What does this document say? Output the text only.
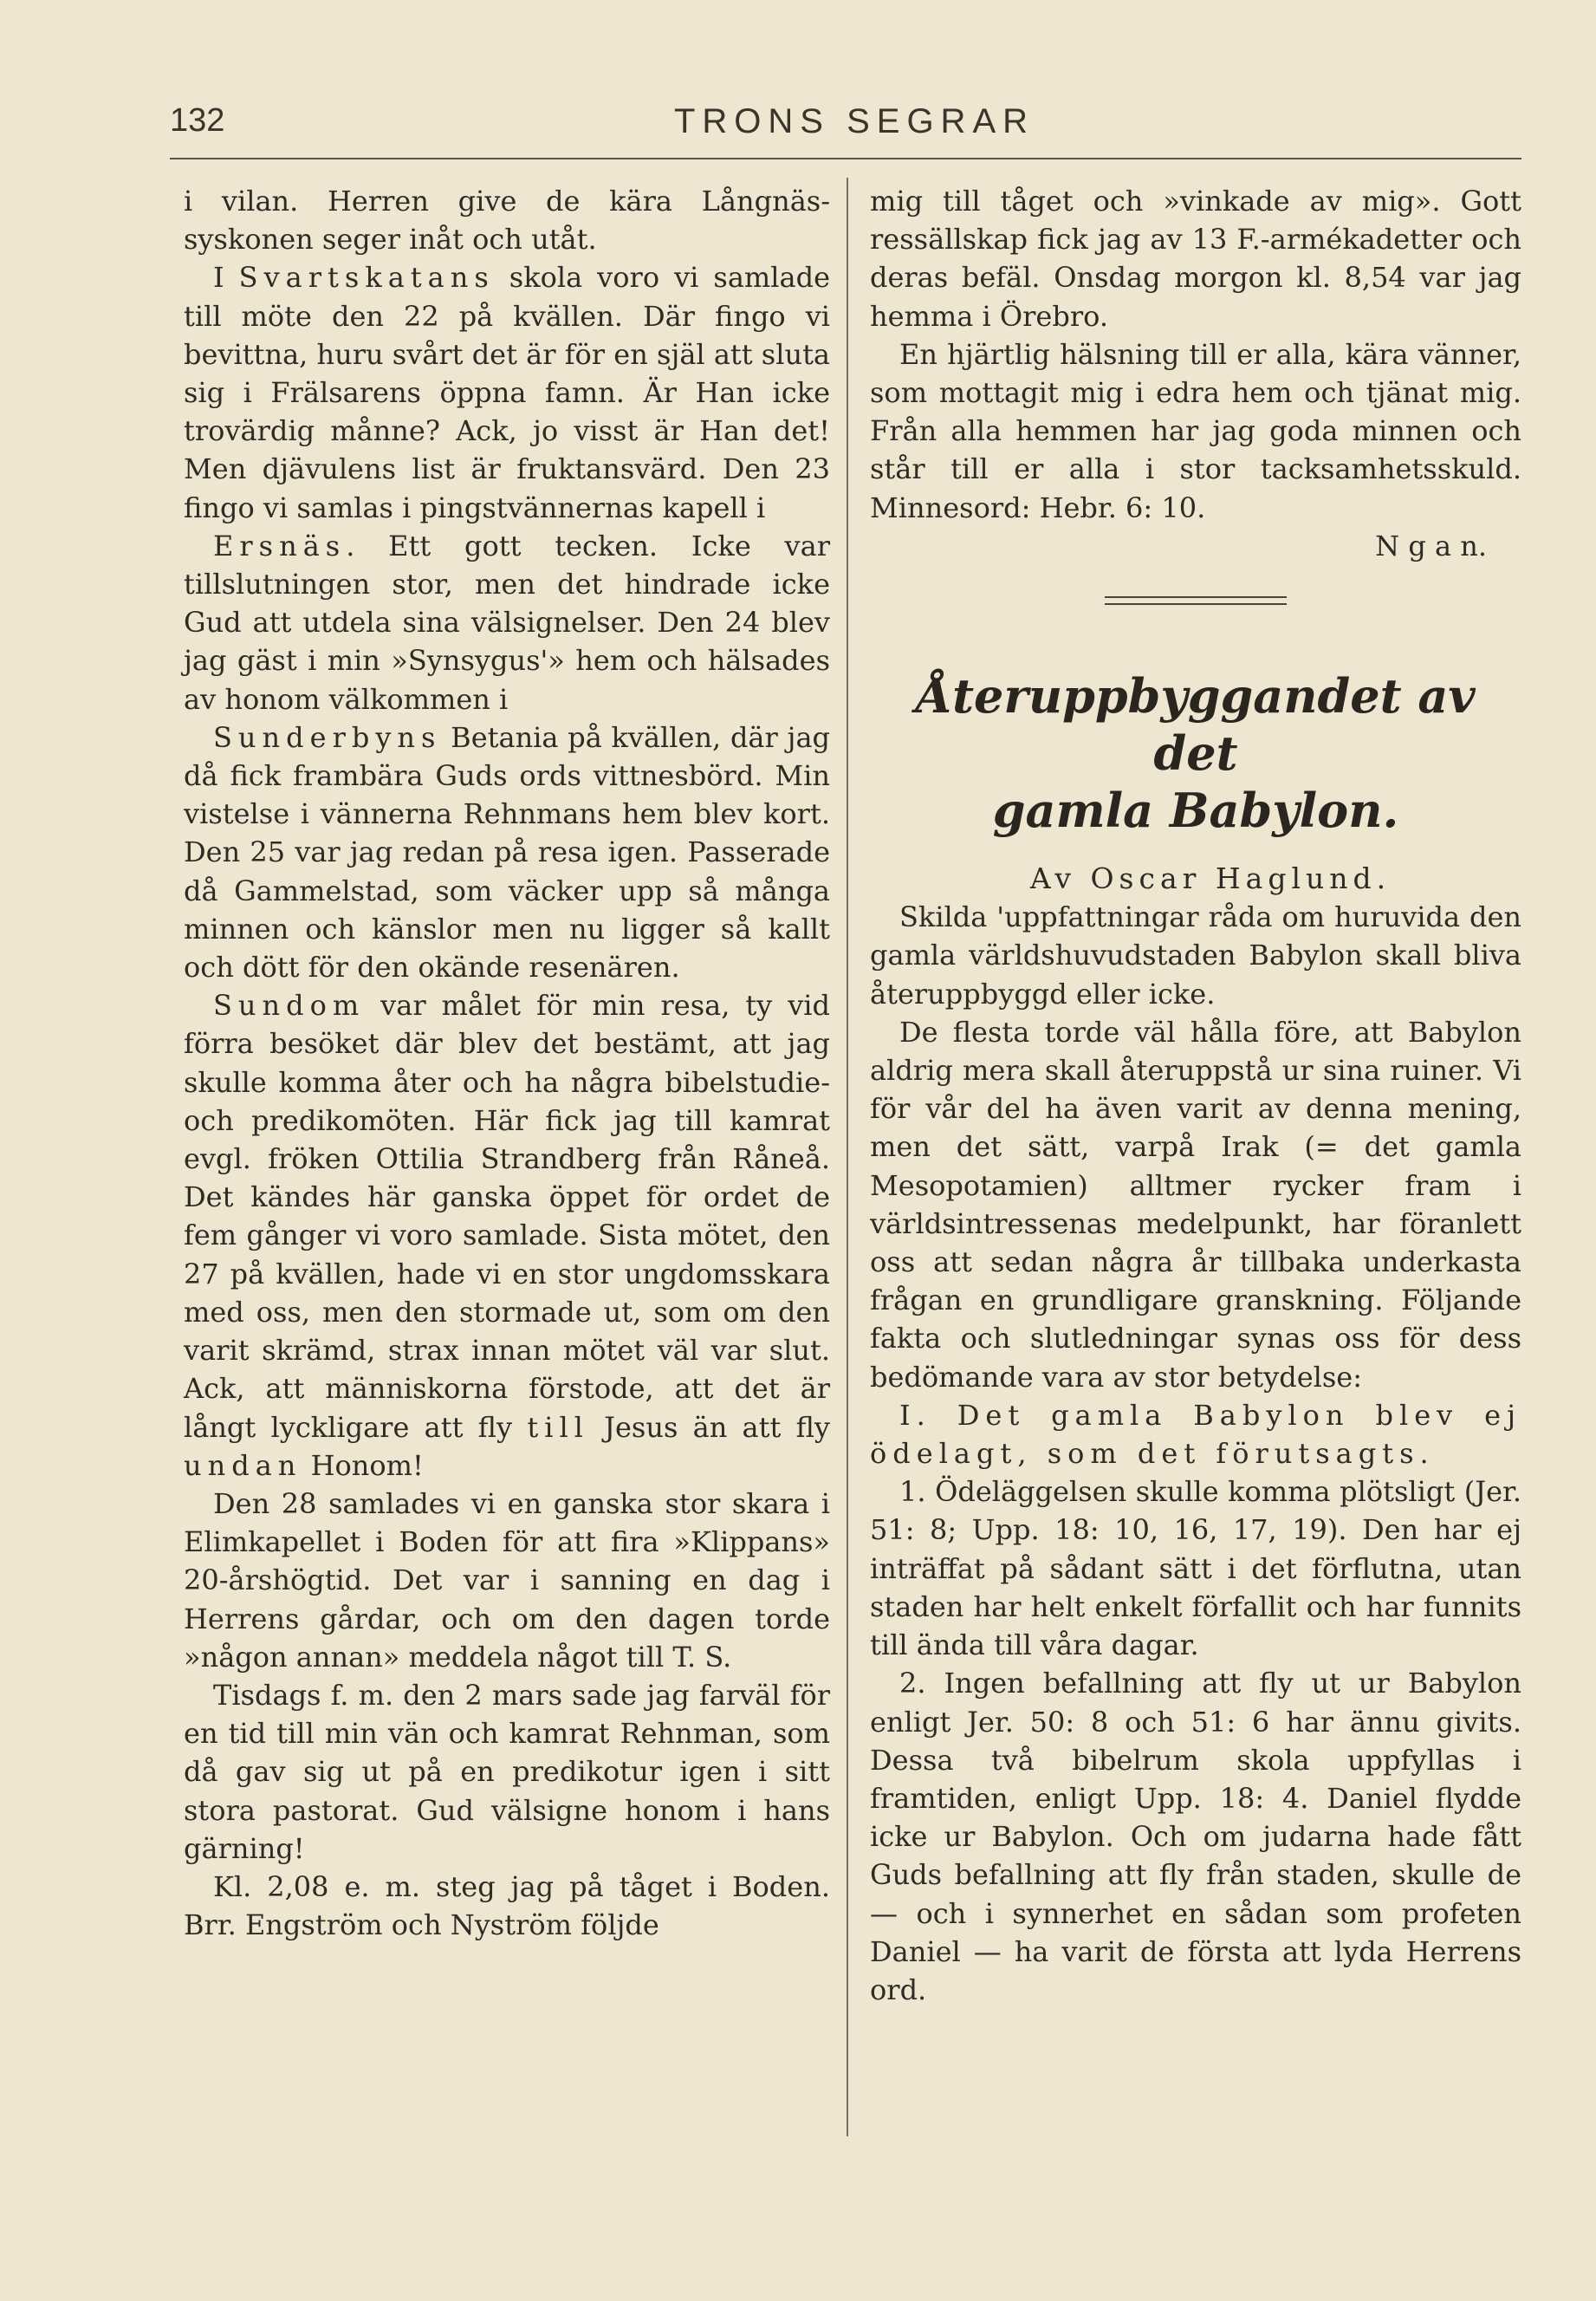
132	TRONS SEGRAR

i vilan. Herren give de kära Långnäs-syskonen seger inåt och utåt.

I Svartskatans skola voro vi samlade till möte den 22 på kvällen. Där fingo vi bevittna, huru svårt det är för en själ att sluta sig i Frälsarens öppna famn. Är Han icke trovärdig månne? Ack, jo visst är Han det! Men djävulens list är fruktansvärd. Den 23 fingo vi samlas i pingstvännernas kapell i

Ersnäs. Ett gott tecken. Icke var tillslutningen stor, men det hindrade icke Gud att utdela sina välsignelser. Den 24 blev jag gäst i min »Synsygus'» hem och hälsades av honom välkommen i

Sunderbyns Betania på kvällen, där jag då fick frambära Guds ords vittnesbörd. Min vistelse i vännerna Rehnmans hem blev kort. Den 25 var jag redan på resa igen. Passerade då Gammelstad, som väcker upp så många minnen och känslor men nu ligger så kallt och dött för den okände resenären.

Sundom var målet för min resa, ty vid förra besöket där blev det bestämt, att jag skulle komma åter och ha några bibelstudie- och predikomöten. Här fick jag till kamrat evgl. fröken Ottilia Strandberg från Råneå. Det kändes här ganska öppet för ordet de fem gånger vi voro samlade. Sista mötet, den 27 på kvällen, hade vi en stor ungdomsskara med oss, men den stormade ut, som om den varit skrämd, strax innan mötet väl var slut. Ack, att människorna förstode, att det är långt lyckligare att fly till Jesus än att fly undan Honom!

Den 28 samlades vi en ganska stor skara i Elimkapellet i Boden för att fira »Klippans» 20-årshögtid. Det var i sanning en dag i Herrens gårdar, och om den dagen torde »någon annan» meddela något till T. S.

Tisdags f. m. den 2 mars sade jag farväl för en tid till min vän och kamrat Rehnman, som då gav sig ut på en predikotur igen i sitt stora pastorat. Gud välsigne honom i hans gärning!

Kl. 2,08 e. m. steg jag på tåget i Boden. Brr. Engström och Nyström följde

mig till tåget och »vinkade av mig». Gott ressällskap fick jag av 13 F.-armékadetter och deras befäl. Onsdag morgon kl. 8,54 var jag hemma i Örebro.

En hjärtlig hälsning till er alla, kära vänner, som mottagit mig i edra hem och tjänat mig. Från alla hemmen har jag goda minnen och står till er alla i stor tacksamhetsskuld. Minnesord: Hebr. 6: 10.

N g a n.

Återuppbyggandet av det
gamla Babylon.

Av Oscar Haglund.

Skilda 'uppfattningar råda om huruvida den gamla världshuvudstaden Babylon skall bliva återuppbyggd eller icke.

De flesta torde väl hålla före, att Babylon aldrig mera skall återuppstå ur sina ruiner. Vi för vår del ha även varit av denna mening, men det sätt, varpå Irak (= det gamla Mesopotamien) alltmer rycker fram i världsintressenas medelpunkt, har föranlett oss att sedan några år tillbaka underkasta frågan en grundligare granskning. Följande fakta och slutledningar synas oss för dess bedömande vara av stor betydelse:

I. Det gamla Babylon blev ej ödelagt, som det förutsagts.

1. Ödeläggelsen skulle komma plötsligt (Jer. 51: 8; Upp. 18: 10, 16, 17, 19). Den har ej inträffat på sådant sätt i det förflutna, utan staden har helt enkelt förfallit och har funnits till ända till våra dagar.

2. Ingen befallning att fly ut ur Babylon enligt Jer. 50: 8 och 51: 6 har ännu givits. Dessa två bibelrum skola uppfyllas i framtiden, enligt Upp. 18: 4. Daniel flydde icke ur Babylon. Och om judarna hade fått Guds befallning att fly från staden, skulle de — och i synnerhet en sådan som profeten Daniel — ha varit de första att lyda Herrens ord.
